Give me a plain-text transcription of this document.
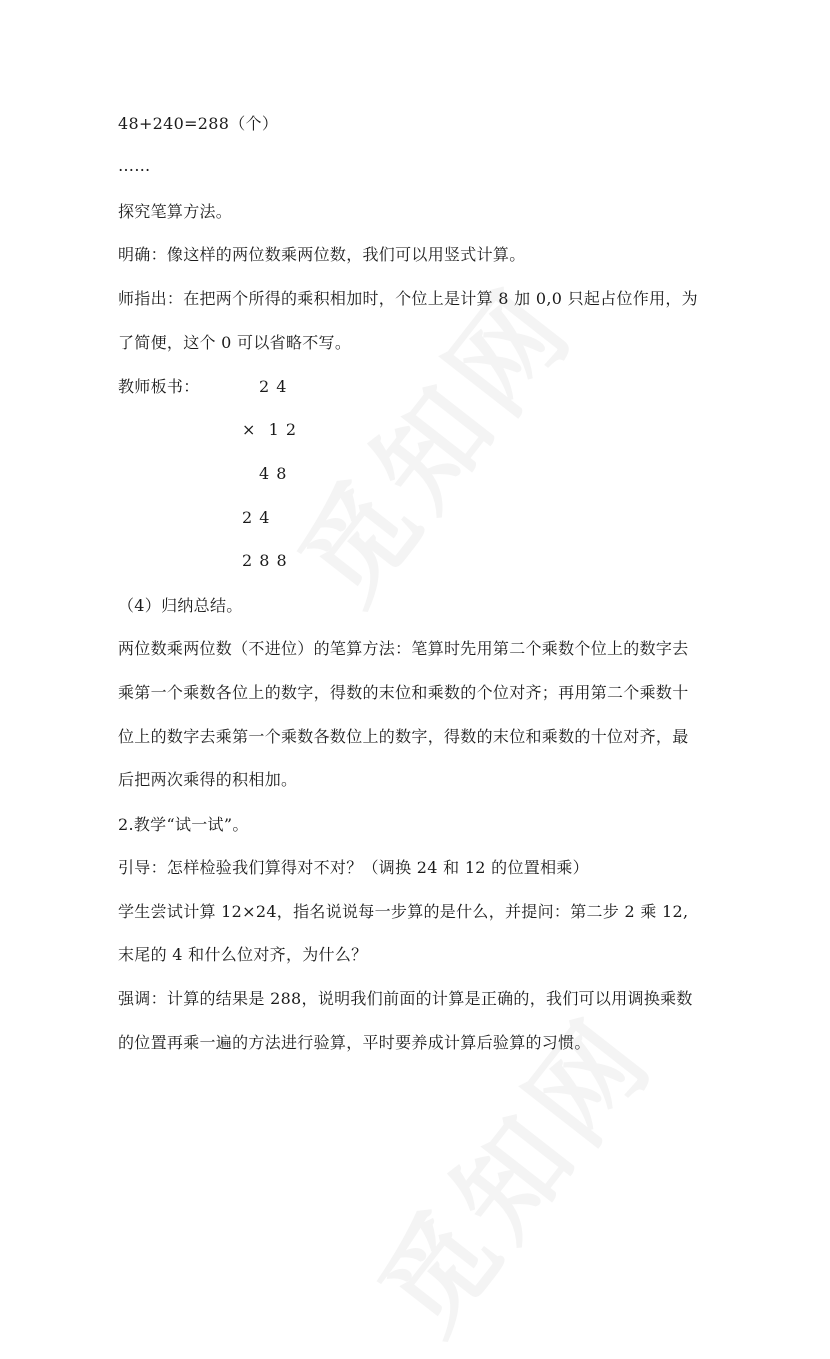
48+240=288（个）
……
探究笔算方法。
明确：像这样的两位数乘两位数，我们可以用竖式计算。
师指出：在把两个所得的乘积相加时，个位上是计算 8 加 0,0 只起占位作用，为
了简便，这个 0 可以省略不写。
教师板书：	2 4
×  1 2
4 8
2 4
2 8 8
（4）归纳总结。
两位数乘两位数（不进位）的笔算方法：笔算时先用第二个乘数个位上的数字去
乘第一个乘数各位上的数字，得数的末位和乘数的个位对齐；再用第二个乘数十
位上的数字去乘第一个乘数各数位上的数字，得数的末位和乘数的十位对齐，最
后把两次乘得的积相加。
2.教学“试一试”。
引导：怎样检验我们算得对不对？（调换 24 和 12 的位置相乘）
学生尝试计算 12×24，指名说说每一步算的是什么，并提问：第二步 2 乘 12,
末尾的 4 和什么位对齐，为什么？
强调：计算的结果是 288，说明我们前面的计算是正确的，我们可以用调换乘数
的位置再乘一遍的方法进行验算，平时要养成计算后验算的习惯。
